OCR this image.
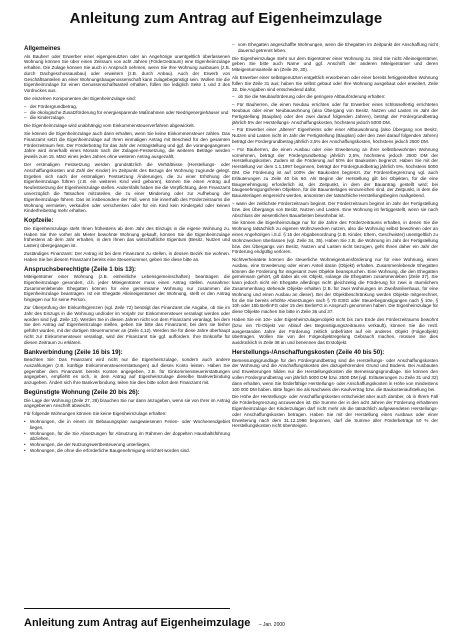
Anleitung zum Antrag auf Eigenheimzulage
Allgemeines

Als Bauherr oder Erwerber einer eigengenutzten oder an Angehörige unentgeltlich überlassenen Wohnung können Sie über einen Zeitraum von acht Jahren (Förderzeitraum) eine Eigenheimzulage erhalten. Die Zulage können Sie auch in Anspruch nehmen, wenn Sie Ihre Wohnung ausbauen (z.B. durch Dachgeschossausbau) oder erweitern (z.B. durch Anbau). Auch der Erwerb von Geschäftsanteilen an einer Wohnungsbaugenossenschaft kann zulagebegünstigt sein. Wollen Sie die Eigenheimzulage für einen Genossenschaftsanteil erhalten, füllen Sie lediglich Seite 1 und 3 des Vordruckes aus.

Die einzelnen Komponenten der Eigenheimzulage sind:

– der Fördergrundbetrag,
– die ökologische Zusatzförderung für energiesparende Maßnahmen oder Niedrigenergiehäuser und
– die Kinderzulage.

Die Eigenheimzulage wird unabhängig vom Einkommensteuerverfahren abgewickelt.

Sie können die Eigenheimzulage auch dann erhalten, wenn Sie keine Einkommensteuer zahlen. Das Finanzamt setzt die Eigenheimzulage auf Ihren einmaligen Antrag mit Bescheid für den gesamten Förderzeitraum fest. Der Förderbetrag für das Jahr der Antragstellung und ggf. die vorangegangenen Jahre wird innerhalb eines Monats nach der Zulagen-Festsetzung, die weiteren Beträge werden jeweils zum 15. März eines jeden Jahres ohne weiteren Antrag ausgezahlt.

Der erstmaligen Festsetzung werden grundsätzlich die Verhältnisse (Herstellungs- oder Anschaffungskosten und Zahl der Kinder) im Zeitpunkt des Bezugs der Wohnung zugrunde gelegt. Ergeben sich nach der erstmaligen Festsetzung Änderungen, die zu einer Erhöhung der Eigenheimzulage führen (z.B. ein weiteres Kind wird geboren), können Sie einen Antrag auf Neufestsetzung der Eigenheimzulage stellen. Andernfalls haben Sie die Verpflichtung, dem Finanzamt unverzüglich die Tatsachen mitzuteilen, die zu einer Minderung oder zur Aufhebung der Eigenheimzulage führen. Das ist insbesondere der Fall, wenn Sie innerhalb des Förderzeitraums die Wohnung vermieten, verkaufen oder verschenken oder für ein Kind kein Kindergeld oder keinen Kinderfreibetrag mehr erhalten.

Kopfzeile:

Die Eigenheimzulage steht Ihnen frühestens ab dem Jahr des Einzugs in die eigene Wohnung zu. Haben Sie Ihre vorher als Mieter bewohnte Wohnung gekauft, können Sie die Eigenheimzulage frühestens ab dem Jahr erhalten, in dem Ihnen das wirtschaftliche Eigentum (Besitz, Nutzen und Lasten) übergegangen ist.

Zuständiges Finanzamt: Der Antrag ist bei dem Finanzamt zu stellen, in dessen Bezirk Sie wohnen. Haben Sie bei diesem Finanzamt bereits eine Steuernummer, geben Sie diese bitte an.

Anspruchsberechtigte (Zeile 1 bis 13):

Miteigentümer einer Wohnung (z.B. einheitliche Lebensgemeinschaften) beantragen die Eigenheimzulage gesondert, d.h. jeder Miteigentümer muss einen Antrag stellen. Ausnahme: Zusammenlebende Ehegatten können für eine gemeinsame Wohnung nur zusammen die Eigenheimzulage beantragen. Ist ein Ehegatte Alleineigentümer der Wohnung, stellt er den Antrag hingegen nur für seine Person.

Zur Überprüfung der Einkunftsgrenzen (vgl. Zeile 72) benötigt das Finanzamt die Angabe, ob Sie im Jahr des Einzugs in die Wohnung und/oder im Vorjahr zur Einkommensteuer veranlagt werden oder worden sind (vgl. Zeile 13). Werden Sie in diesen Jahren nicht von dem Finanzamt veranlagt, bei dem Sie den Antrag auf Eigenheimzulage stellen, geben Sie bitte das Finanzamt, bei dem sie bisher geführt wurden, mit der dortigen Steuernummer an (Zeile 4,12). Werden Sie für diese Jahre überhaupt nicht zur Einkommensteuer veranlagt, wird der Finanzamt Sie ggf. auffordern, Ihre Einkünfte für diesen Zeitraum zu erklären.

Bankverbindung (Zeile 16 bis 19):

Beachten Sie: Das Finanzamt wird nicht nur die Eigenheimzulage, sondern auch andere Auszahlungen (z.B. künftige Einkommensteuererstattungen) auf dieses Konto leisten. Haben Sie gegenüber dem Finanzamt bereits Konten angegeben, z.B. für Einkommensteuererstattungen angegeben, empfiehlt es sich, in dem Antrag auf Eigenheimzulage dieselbe Bankverbindung anzugeben. Ändert sich Ihre Bankverbindung, teilen Sie dies bitte sofort dem Finanzamt mit.

Begünstigte Wohnung (Zeile 20 bis 26):

Die Lage der Wohnung (Zeile 27, 28) brauchen Sie nur dann anzugeben, wenn sie von Ihrer im Antrag angegebenen Anschrift abweicht.

Für folgende Wohnungen können Sie keine Eigenheimzulage erhalten:

• Wohnungen, die in einem im Bebauungsplan ausgewiesenen Ferien- oder Wochenendgebiet liegen,
• Wohnungen, für die Sie Absetzungen für Abnutzung im Rahmen der doppelten Haushaltsführung abziehen,
• Wohnungen, die der Nutzungswertbesteuerung unterliegen,
• Wohnungen, die ohne die erforderliche Baugenehmigung errichtet worden sind.
– vom Ehegatten angeschaffte Wohnungen, wenn die Ehegatten im Zeitpunkt der Anschaffung nicht dauernd getrennt leben.

Die Eigenheimzulage steht nur dem Eigentümer einer Wohnung zu. Sind Sie nicht Alleineigentümer, geben Sie bitte auch Name und ggf. Anschrift der anderen Miteigentümer und deren Miteigentumsanteile an (Zeile 29, 30).

Als Erwerber einer selbstgenutzten entgeltlich erworbenen oder einer bereits fertiggestellten Wohnung füllen Sie Zeile 31 aus; haben Sie selbst gebaut oder Ihre Wohnung ausgebaut oder erweitert, Zeile 32. Die Angaben sind entscheidend dafür,

– ob Sie die Neubauförderung oder die geringere Altbauförderung erhalten:

– Für Bauherren, die einen Neubau errichten oder für Erwerber eines schlüsselfertig errichteten Neubaus oder einer Neubauwohnung (also Übergang von Besitz, Nutzen und Lasten im Jahr der Fertigstellung (Bauplan) oder den zwei darauf folgenden Jahren), beträgt der Fördergrundbetrag jährlich 5% der Herstellungs- Anschaffungskosten, höchstens jedoch 5000 DM.

– Für Erwerber einer „älteren“ Eigenheims oder einer Altbauwohnung (also Übergang von Besitz, Nutzen und Lasten nicht im Jahr der Fertigstellung (Bauplan) oder den zwei darauf folgenden Jahren) beträgt der Fördergrundbetrag jährlich 2,5% der Anschaffungskosten, höchstens jedoch 2500 DM.

– Für Bauherren, die einen Ausbau oder eine Erweiterung an ihrer selbstbewohnten Wohnung vornehmen, beträgt der Fördergrundbetrag jährlich 2,5%, höchstens jedoch 2500 DM der Herstellungskosten. Zudem ist die Förderung auf 50% der Baukosten begrenzt. Haben Sie mit der Herstellung vor dem 1.1.1997 begonnen, beträgt der Fördergrundbetrag jährlich 5%, höchstens 5000 DM. Die Förderung ist auf 100% der Baukosten begrenzt. Zur Fördererbegrenzung vgl. auch Erläuterungen zu Zeile 40 bis 60. Als Beginn der Herstellung gilt bei Objekten, für die eine Baugenehmigung erforderlich ist, der Zeitpunkt, in dem der Bauantrag gestellt wird; bei baugenehmigungsfreien Objekten, für die Bauunterlagen einzureichen sind, der Zeitpunkt, in dem die Bauunterlagen eingereicht werden, ansonsten der tatsächliche Herstellungsbeginn maßgebend.

– wann der zeitlichste Förderzeitraum beginnt. Der Förderzeitraum beginnt im Jahr der Fertigstellung bzw. des Übergangs von Besitz, Nutzen und Lasten. Eine Wohnung ist fertiggestellt, wenn sie nach Abschluss der wesentlichen Bauarbeiten bewohnbar ist.

Sie können die Eigenheimzulage nur für die Jahre des Förderzeitraums erhalten, in denen Sie die Wohnung tatsächlich zu eigenen Wohnzwecken nutzen, also die Wohnung selbst bewohnen oder an einen Angehörigen i.S.d. § 15 der Abgabenordnung (z.B. Kinder, Eltern, Geschwister) unentgeltlich zu Wohnzwecken überlassen (vgl. Zeile 34, 35). Haben Sie z.B. die Wohnung im Jahr der Fertigstellung bzw. des Übergangs von Besitz, Nutzen und Lasten nicht bezogen, geht Ihnen daher ein Jahr der Förderung endgültig verloren.

Nichtverheiratete können die steuerliche Wohneigentumsförderung nur für eine Wohnung, einen Ausbau, eine Erweiterung oder einen Anteil daran (Objekt) erhalten. Zusammenlebende Ehegatten können die Förderung für insgesamt zwei Objekte beanspruchen. Eine Wohnung, die den Ehegatten gemeinsam gehört, gilt dabei als ein Objekt, solange die Ehegatten zusammenleben (Zeile 37). Sie kann jedoch nicht ein Ehegatte allerdings nicht gleichzeitig die Förderung für zwei in räumlichem Zusammenhang stehende Objekte erhalten (z.B. für zwei Wohnungen im Zweifamilienhaus, für eine Wohnung und einen Ausbau an dieser). Bei der Objektbeschränkung werden Objekte mitgerechnet, für die Sie bereits erhöhte Absetzungen nach § 7b EStG oder Steuerbegünstigungen nach § 10e, § 10h oder 15b BerlinFG oder 15 des BerlinFG in Anspruch genommen haben. Die Eigenheimzulage für diese Objekte machen Sie bitte in Zeile 36 und 37.

Haben Sie ein 10e- oder Eigenheimzulagenobjekt nicht bis zum Ende des Förderzeitraums bewohnt (bzw. ein 7b-Objekt vor Ablauf des Begünstigungszeitraums verkauft), können Sie die restl. ausgestanden Jahre der Förderung zeitlich unbefristet auf ein anderes Objekt (Folgeobjekt) übertragen. Wollen Sie von der Folgeobjektregelung Gebrauch machen, müssen Sie dies ausdrücklich in Zeile 38 an und benennen das Erstobjekt.

Herstellungs-/Anschaffungskosten (Zeile 40 bis 50):

Bemessungsgrundlage für den Fördergrundbetrag sind die Herstellungs- oder Anschaffungskosten der Wohnung und die Anschaffungskosten des dazugehörenden Grund und Bodens. Bei Ausbauten und Erweiterungen bilden nur die Herstellungskosten die Bemessungsgrundlage. Sie können den vollen Fördergrundbetrag von jährlich 5000 DM bzw. 2500 DM (vgl. Erläuterungen zu Zeile 31 und 32) dann erhalten, wenn Sie förderfähige Herstellungs- oder Anschaffungskosten in Höhe von mindestens 100 000 DM haben. Bitte fügen Sie als Nachweis den Kaufvertrag bzw. die Baukostenaufstellung bei.

Die Höhe der Herstellungs- oder Anschaffungskosten entscheidet aber auch darüber, ob in Ihrem Fall die Förderbegrenzung anzuwenden ist. Die Summe der in den acht Jahren der Förderung erhaltenen Eigenheimzulage der Kinderzulagen darf nicht mehr als die tatsächlich aufgewendeten Herstellungs- oder Anschaffungskosten betragen. Haben Sie mit der Herstellung eines Ausbaus oder einer Erweiterung nach dem 31.12.1996 begonnen, darf die Summe aller Förderbeträge 50 % der Herstellungskosten nicht übersteigen.

Anleitung zum Antrag auf Eigenheimzulage – Jan. 2000
